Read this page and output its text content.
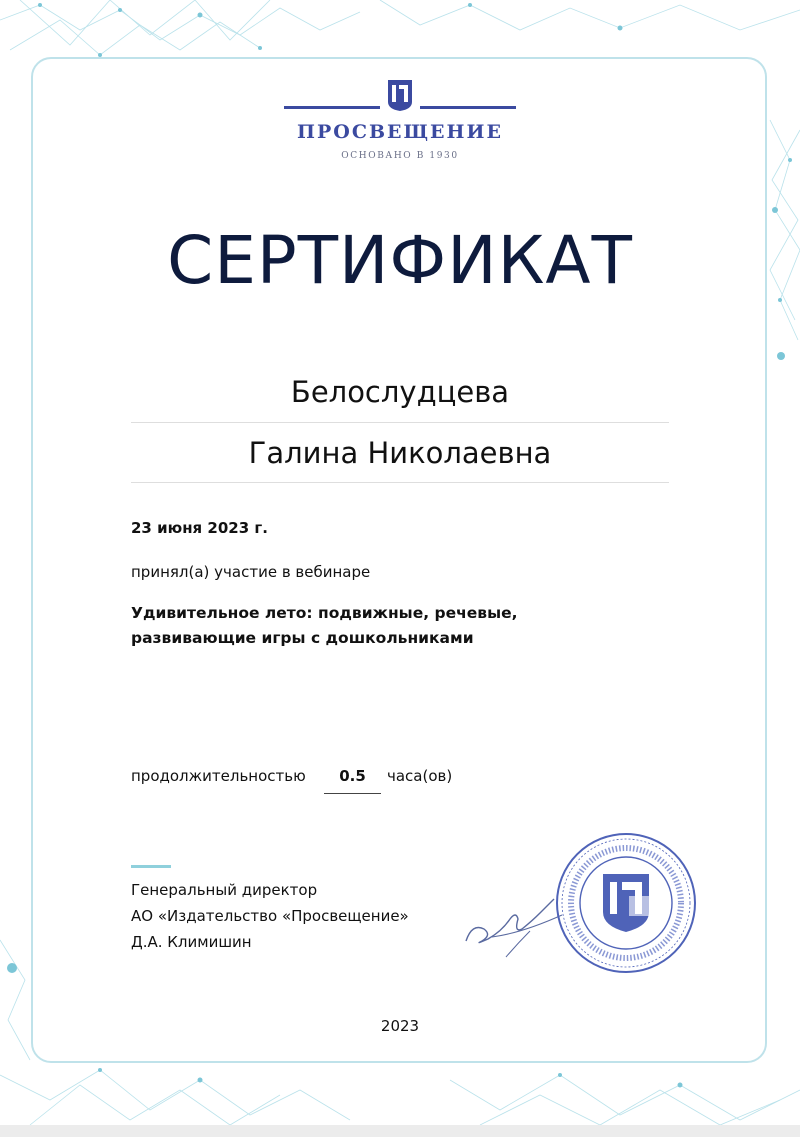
ПРОСВЕЩЕНИЕ
ОСНОВАНО В 1930
СЕРТИФИКАТ
Белослудцева
Галина Николаевна
23 июня 2023 г.
принял(а) участие в вебинаре
Удивительное лето: подвижные, речевые,
развивающие игры с дошкольниками
продолжительностью	0.5	часа(ов)
Генеральный директор
АО «Издательство «Просвещение»
Д.А. Климишин
2023
